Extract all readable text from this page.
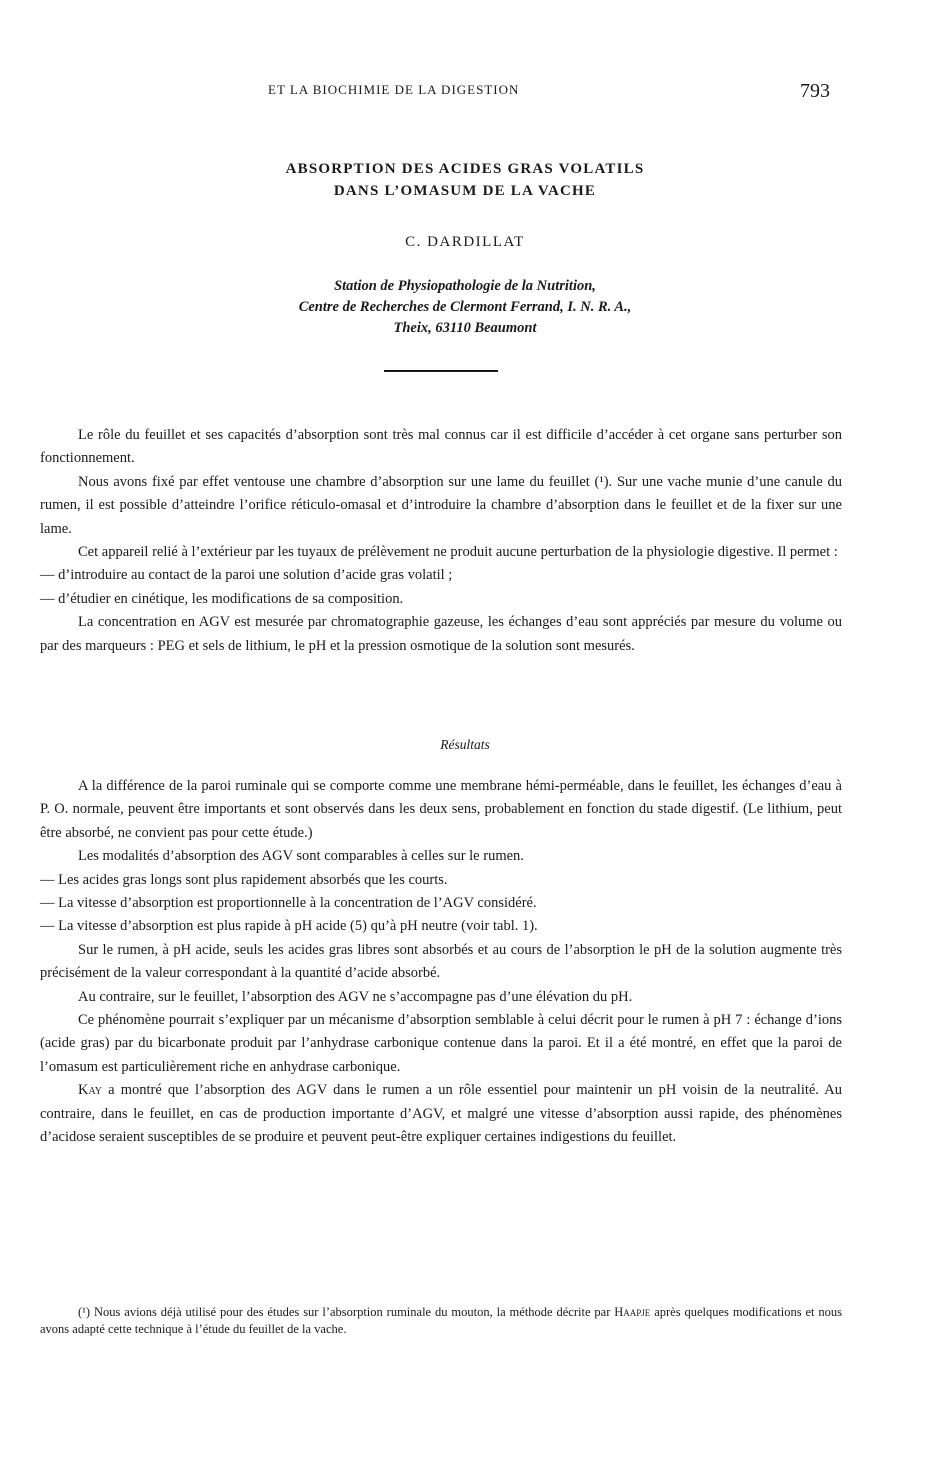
ET LA BIOCHIMIE DE LA DIGESTION	793
ABSORPTION DES ACIDES GRAS VOLATILS
DANS L’OMASUM DE LA VACHE
C. DARDILLAT
Station de Physiopathologie de la Nutrition,
Centre de Recherches de Clermont Ferrand, I. N. R. A.,
Theix, 63110 Beaumont

Le rôle du feuillet et ses capacités d’absorption sont très mal connus car il est difficile d’accéder à cet organe sans perturber son fonctionnement.

Nous avons fixé par effet ventouse une chambre d’absorption sur une lame du feuillet (¹). Sur une vache munie d’une canule du rumen, il est possible d’atteindre l’orifice réticulo-omasal et d’introduire la chambre d’absorption dans le feuillet et de la fixer sur une lame.

Cet appareil relié à l’extérieur par les tuyaux de prélèvement ne produit aucune perturbation de la physiologie digestive. Il permet :

— d’introduire au contact de la paroi une solution d’acide gras volatil ;

— d’étudier en cinétique, les modifications de sa composition.

La concentration en AGV est mesurée par chromatographie gazeuse, les échanges d’eau sont appréciés par mesure du volume ou par des marqueurs : PEG et sels de lithium, le pH et la pression osmotique de la solution sont mesurés.

Résultats

A la différence de la paroi ruminale qui se comporte comme une membrane hémi-perméable, dans le feuillet, les échanges d’eau à P. O. normale, peuvent être importants et sont observés dans les deux sens, probablement en fonction du stade digestif. (Le lithium, peut être absorbé, ne convient pas pour cette étude.)

Les modalités d’absorption des AGV sont comparables à celles sur le rumen.

— Les acides gras longs sont plus rapidement absorbés que les courts.

— La vitesse d’absorption est proportionnelle à la concentration de l’AGV considéré.

— La vitesse d’absorption est plus rapide à pH acide (5) qu’à pH neutre (voir tabl. 1).

Sur le rumen, à pH acide, seuls les acides gras libres sont absorbés et au cours de l’absorption le pH de la solution augmente très précisément de la valeur correspondant à la quantité d’acide absorbé.

Au contraire, sur le feuillet, l’absorption des AGV ne s’accompagne pas d’une élévation du pH.

Ce phénomène pourrait s’expliquer par un mécanisme d’absorption semblable à celui décrit pour le rumen à pH 7 : échange d’ions (acide gras) par du bicarbonate produit par l’anhydrase carbonique contenue dans la paroi. Et il a été montré, en effet que la paroi de l’omasum est particulièrement riche en anhydrase carbonique.

Kay a montré que l’absorption des AGV dans le rumen a un rôle essentiel pour maintenir un pH voisin de la neutralité. Au contraire, dans le feuillet, en cas de production importante d’AGV, et malgré une vitesse d’absorption aussi rapide, des phénomènes d’acidose seraient susceptibles de se produire et peuvent peut-être expliquer certaines indigestions du feuillet.

(¹) Nous avions déjà utilisé pour des études sur l’absorption ruminale du mouton, la méthode décrite par Haapje après quelques modifications et nous avons adapté cette technique à l’étude du feuillet de la vache.
